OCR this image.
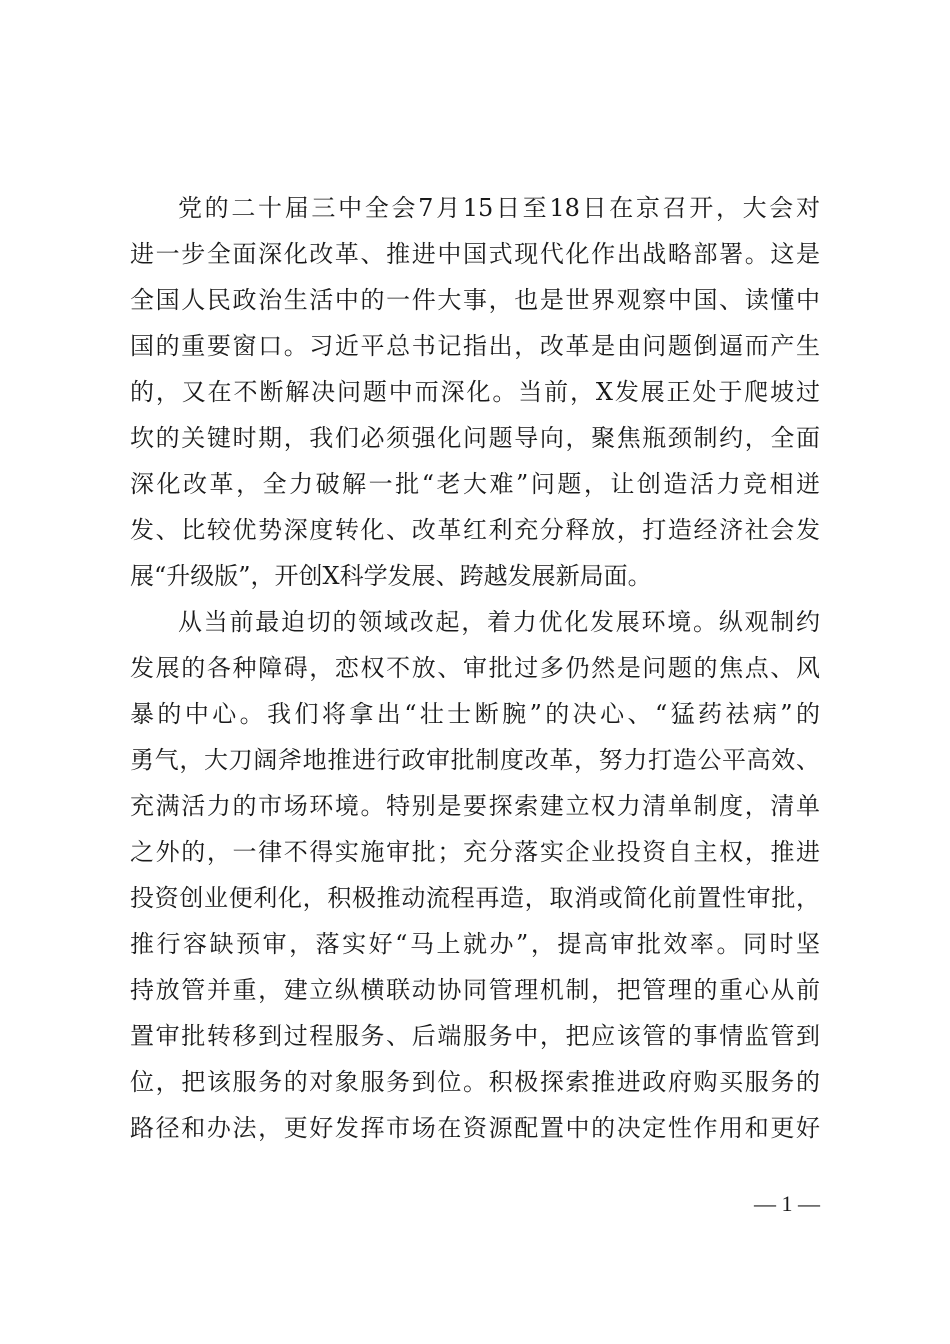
党的二十届三中全会7月15日至18日在京召开，大会对
进一步全面深化改革、推进中国式现代化作出战略部署。这是
全国人民政治生活中的一件大事，也是世界观察中国、读懂中
国的重要窗口。习近平总书记指出，改革是由问题倒逼而产生
的，又在不断解决问题中而深化。当前，X发展正处于爬坡过
坎的关键时期，我们必须强化问题导向，聚焦瓶颈制约，全面
深化改革，全力破解一批“老大难”问题，让创造活力竞相迸
发、比较优势深度转化、改革红利充分释放，打造经济社会发
展“升级版”，开创X科学发展、跨越发展新局面。
从当前最迫切的领域改起，着力优化发展环境。纵观制约
发展的各种障碍，恋权不放、审批过多仍然是问题的焦点、风
暴的中心。我们将拿出“壮士断腕”的决心、“猛药祛病”的
勇气，大刀阔斧地推进行政审批制度改革，努力打造公平高效、
充满活力的市场环境。特别是要探索建立权力清单制度，清单
之外的，一律不得实施审批；充分落实企业投资自主权，推进
投资创业便利化，积极推动流程再造，取消或简化前置性审批，
推行容缺预审，落实好“马上就办”，提高审批效率。同时坚
持放管并重，建立纵横联动协同管理机制，把管理的重心从前
置审批转移到过程服务、后端服务中，把应该管的事情监管到
位，把该服务的对象服务到位。积极探索推进政府购买服务的
路径和办法，更好发挥市场在资源配置中的决定性作用和更好
— 1 —
